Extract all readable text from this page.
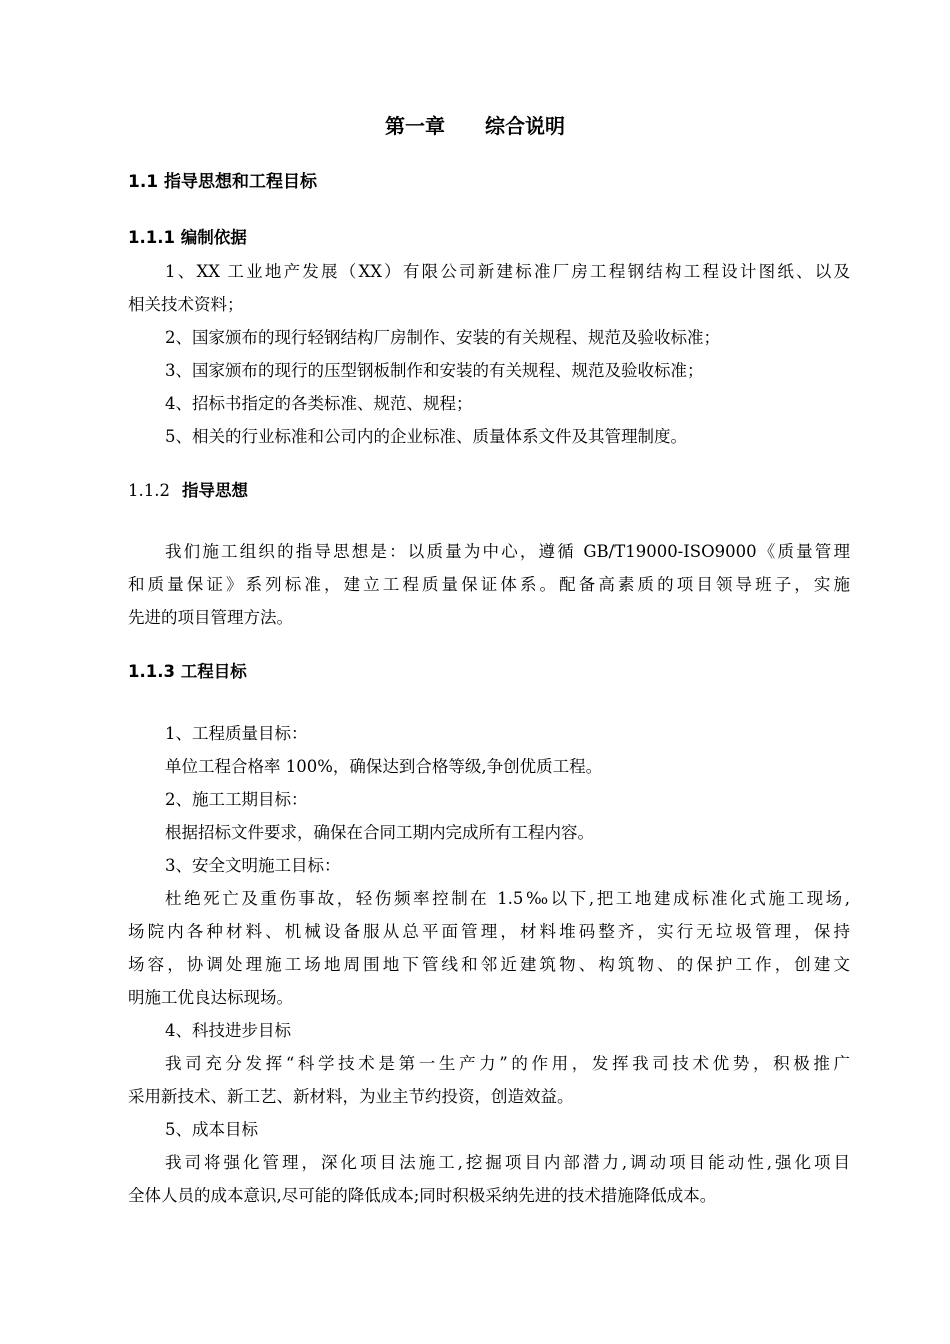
第一章　　综合说明
1.1 指导思想和工程目标
1.1.1 编制依据
1、XX 工业地产发展（XX）有限公司新建标准厂房工程钢结构工程设计图纸、以及
相关技术资料；
2、国家颁布的现行轻钢结构厂房制作、安装的有关规程、规范及验收标准；
3、国家颁布的现行的压型钢板制作和安装的有关规程、规范及验收标准；
4、招标书指定的各类标准、规范、规程；
5、相关的行业标准和公司内的企业标准、质量体系文件及其管理制度。
1.1.2 指导思想
我们施工组织的指导思想是：以质量为中心，遵循 GB/T19000-ISO9000《质量管理
和质量保证》系列标准，建立工程质量保证体系。配备高素质的项目领导班子，实施
先进的项目管理方法。
1.1.3 工程目标
1、工程质量目标：
单位工程合格率 100%，确保达到合格等级,争创优质工程。
2、施工工期目标：
根据招标文件要求，确保在合同工期内完成所有工程内容。
3、安全文明施工目标：
杜绝死亡及重伤事故，轻伤频率控制在 1.5‰以下,把工地建成标准化式施工现场,
场院内各种材料、机械设备服从总平面管理，材料堆码整齐，实行无垃圾管理，保持
场容，协调处理施工场地周围地下管线和邻近建筑物、构筑物、的保护工作，创建文
明施工优良达标现场。
4、科技进步目标
我司充分发挥“科学技术是第一生产力”的作用，发挥我司技术优势，积极推广
采用新技术、新工艺、新材料，为业主节约投资，创造效益。
5、成本目标
我司将强化管理，深化项目法施工,挖掘项目内部潜力,调动项目能动性,强化项目
全体人员的成本意识,尽可能的降低成本;同时积极采纳先进的技术措施降低成本。
